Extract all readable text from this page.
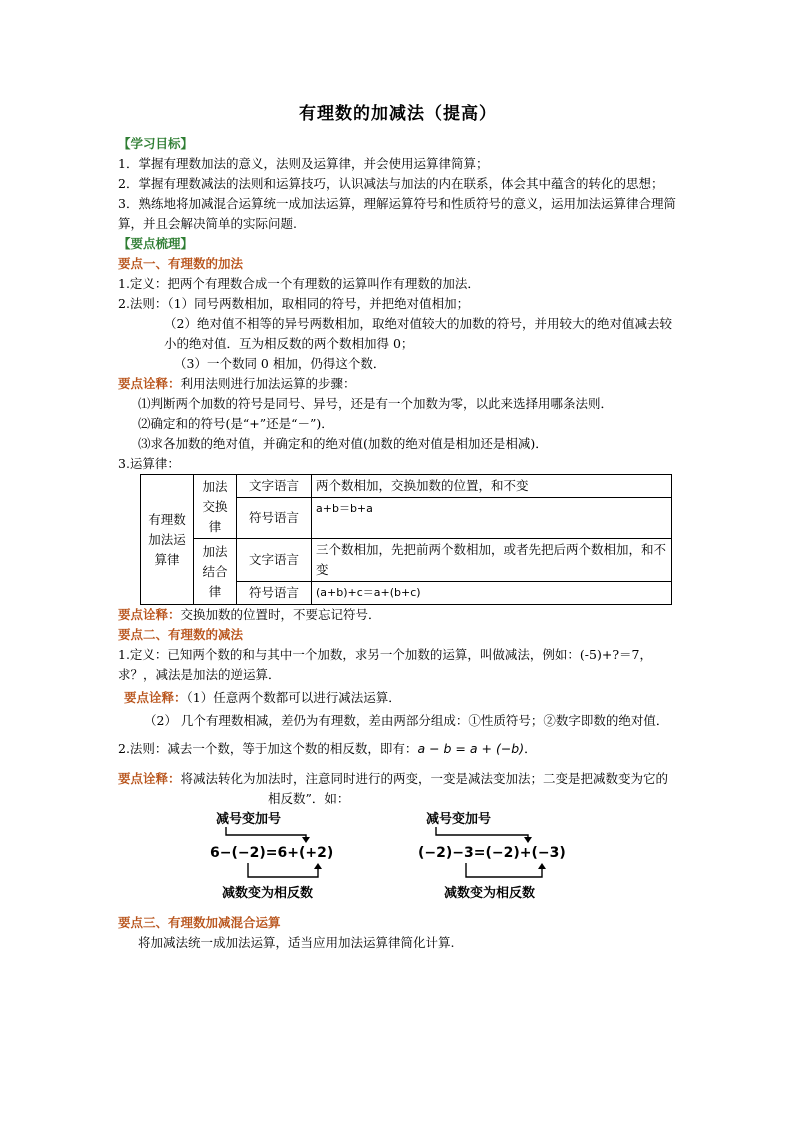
有理数的加减法（提高）

【学习目标】

1．掌握有理数加法的意义，法则及运算律，并会使用运算律简算；

2．掌握有理数减法的法则和运算技巧，认识减法与加法的内在联系，体会其中蕴含的转化的思想；

3．熟练地将加减混合运算统一成加法运算，理解运算符号和性质符号的意义，运用加法运算律合理简算，并且会解决简单的实际问题.

【要点梳理】

要点一、有理数的加法

1.定义：把两个有理数合成一个有理数的运算叫作有理数的加法．

2.法则：（1）同号两数相加，取相同的符号，并把绝对值相加；

（2）绝对值不相等的异号两数相加，取绝对值较大的加数的符号，并用较大的绝对值减去较小的绝对值．互为相反数的两个数相加得 0；

（3）一个数同 0 相加，仍得这个数．

要点诠释：利用法则进行加法运算的步骤：

⑴判断两个加数的符号是同号、异号，还是有一个加数为零，以此来选择用哪条法则．

⑵确定和的符号(是“+”还是“－”)．

⑶求各加数的绝对值，并确定和的绝对值(加数的绝对值是相加还是相减)．

3.运算律：

有理数加法运算律	加法交换律	文字语言	两个数相加，交换加数的位置，和不变
		符号语言	a+b＝b+a
	加法结合律	文字语言	三个数相加，先把前两个数相加，或者先把后两个数相加，和不变
		符号语言	(a+b)+c＝a+(b+c)

要点诠释：交换加数的位置时，不要忘记符号．

要点二、有理数的减法

1.定义：已知两个数的和与其中一个加数，求另一个加数的运算，叫做减法，例如：(-5)+?＝7，求？，减法是加法的逆运算．

要点诠释：（1）任意两个数都可以进行减法运算．

（2） 几个有理数相减，差仍为有理数，差由两部分组成：①性质符号；②数字即数的绝对值．

2.法则：减去一个数，等于加这个数的相反数，即有：a − b = a + (−b)．

要点诠释：将减法转化为加法时，注意同时进行的两变，一变是减法变加法；二变是把减数变为它的相反数”．如：

减号变加号
6−(−2)=6+(+2)
减数变为相反数
减号变加号
(−2)−3=(−2)+(−3)
减数变为相反数

要点三、有理数加减混合运算

将加减法统一成加法运算，适当应用加法运算律简化计算.
